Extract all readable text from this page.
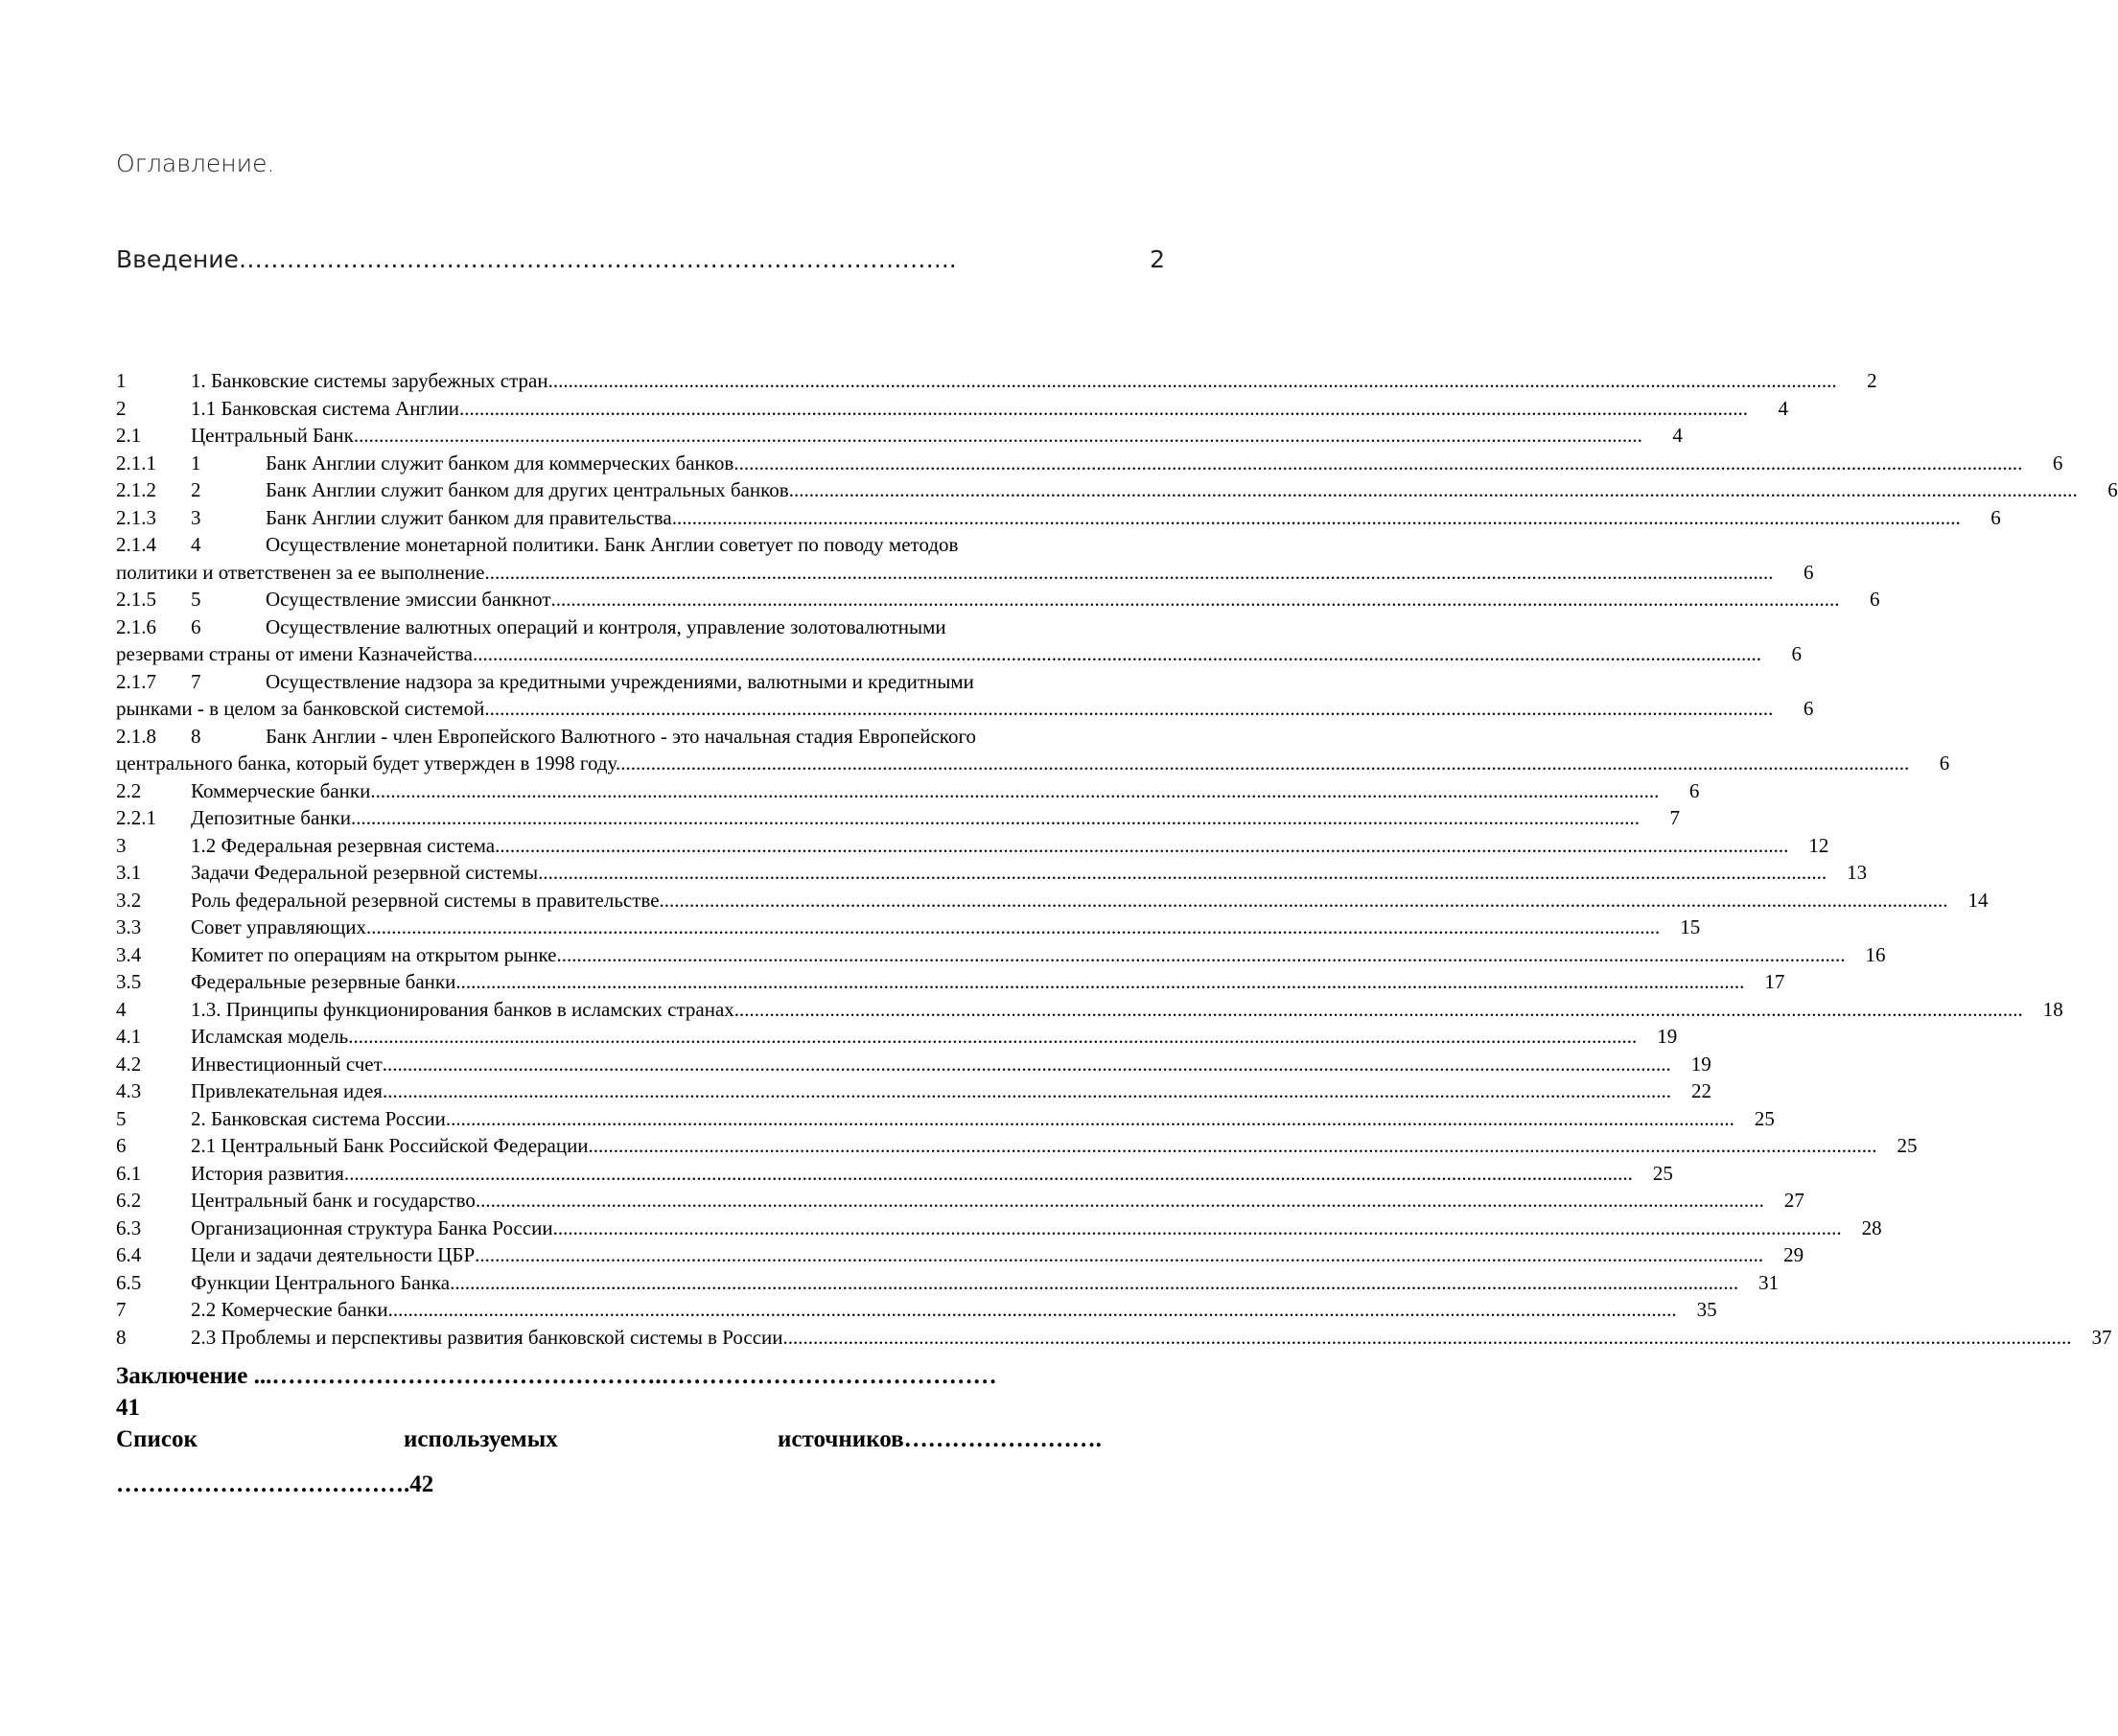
Оглавление.
Введение ……………………………………………………………………………...	2
1	1. Банковские системы зарубежных стран ................................................................................................................................................................................................................................................................	2
2	1.1 Банковская система Англии ................................................................................................................................................................................................................................................................	4
2.1 Центральный Банк ................................................................................................................................................................................................................................................................	4
2.1.1 1	Банк Англии служит банком для коммерческих банков ................................................................................................................................................................................................................................................................	6
2.1.2 2	Банк Англии служит банком для других центральных банков ................................................................................................................................................................................................................................................................	6
2.1.3 3	Банк Англии служит банком для правительства ................................................................................................................................................................................................................................................................	6
2.1.4 4	Осуществление монетарной политики. Банк Англии советует по поводу методов
политики и ответственен за ее выполнение ................................................................................................................................................................................................................................................................	6
2.1.5 5	Осуществление эмиссии банкнот ................................................................................................................................................................................................................................................................	6
2.1.6 6	Осуществление валютных операций и контроля, управление золотовалютными
резервами страны от имени Казначейства ................................................................................................................................................................................................................................................................	6
2.1.7 7	Осуществление надзора за кредитными учреждениями, валютными и кредитными
рынками - в целом за банковской системой ................................................................................................................................................................................................................................................................	6
2.1.8 8	Банк Англии - член Европейского Валютного - это начальная стадия Европейского
центрального банка, который будет утвержден в 1998 году. ................................................................................................................................................................................................................................................................	6
2.2 Коммерческие банки ................................................................................................................................................................................................................................................................	6
2.2.1 Депозитные банки ................................................................................................................................................................................................................................................................	7
3	1.2 Федеральная резервная система. ................................................................................................................................................................................................................................................................	12
3.1 Задачи Федеральной резервной системы ................................................................................................................................................................................................................................................................	13
3.2 Роль федеральной резервной системы в правительстве ................................................................................................................................................................................................................................................................	14
3.3 Совет управляющих. ................................................................................................................................................................................................................................................................	15
3.4 Комитет по операциям на открытом рынке ................................................................................................................................................................................................................................................................	16
3.5 Федеральные резервные банки ................................................................................................................................................................................................................................................................	17
4	1.3. Принципы функционирования банков в исламских странах ................................................................................................................................................................................................................................................................	18
4.1 Исламская модель ................................................................................................................................................................................................................................................................	19
4.2 Инвестиционный счет ................................................................................................................................................................................................................................................................	19
4.3 Привлекательная идея ................................................................................................................................................................................................................................................................	22
5	2. Банковская система России ................................................................................................................................................................................................................................................................	25
6	2.1 Центральный Банк Российской Федерации ................................................................................................................................................................................................................................................................	25
6.1 История развития ................................................................................................................................................................................................................................................................	25
6.2 Центральный банк и государство ................................................................................................................................................................................................................................................................	27
6.3 Организационная структура Банка России ................................................................................................................................................................................................................................................................	28
6.4 Цели и задачи деятельности ЦБР ................................................................................................................................................................................................................................................................	29
6.5 Функции Центрального Банка ................................................................................................................................................................................................................................................................	31
7	2.2 Комерческие банки ................................................................................................................................................................................................................................................................	35
8	2.3 Проблемы и перспективы развития банковской системы в России ................................................................................................................................................................................................................................................................	37
Заключение ...………………………………………….……………………………………
41
Список	используемых	источников…………………….
……………………………….42
